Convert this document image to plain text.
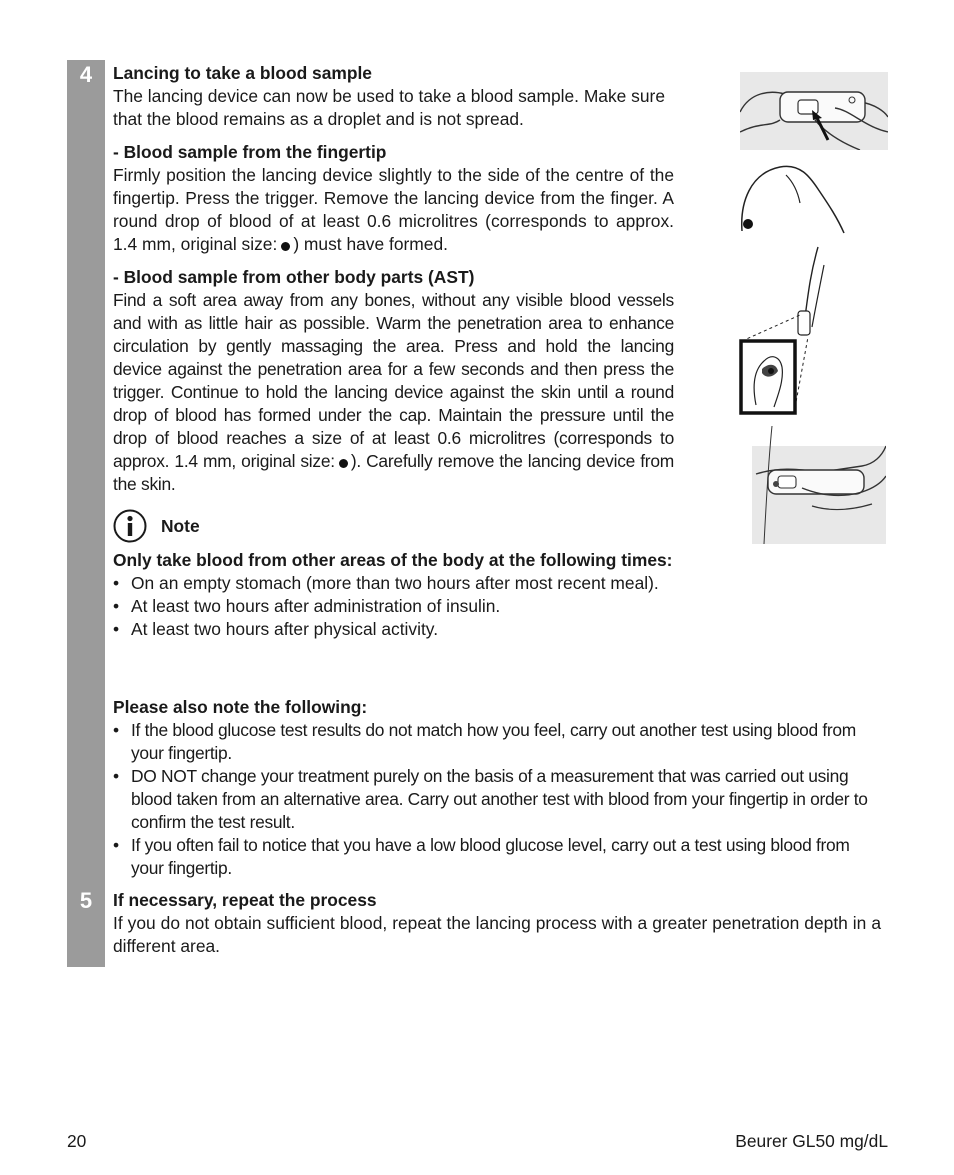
4
5

Lancing to take a blood sample

The lancing device can now be used to take a blood sample. Make sure that the blood remains as a droplet and is not spread.

- Blood sample from the fingertip

Firmly position the lancing device slightly to the side of the centre of the fingertip. Press the trigger. Remove the lancing device from the finger. A round drop of blood of at least 0.6 microlitres (corresponds to approx. 1.4 mm, original size: ) must have formed.

- Blood sample from other body parts (AST)

Find a soft area away from any bones, without any visible blood vessels and with as little hair as possible. Warm the penetration area to enhance circulation by gently massaging the area. Press and hold the lancing device against the penetration area for a few seconds and then press the trigger. Continue to hold the lancing device against the skin until a round drop of blood has formed under the cap. Maintain the pressure until the drop of blood reaches a size of at least 0.6 microlitres (corresponds to approx. 1.4 mm, original size: ). Carefully remove the lancing device from the skin.

Note

Only take blood from other areas of the body at the following times:

• On an empty stomach (more than two hours after most recent meal).

• At least two hours after administration of insulin.

• At least two hours after physical activity.

Please also note the following:

• If the blood glucose test results do not match how you feel, carry out another test using blood from your fingertip.

• DO NOT change your treatment purely on the basis of a measurement that was carried out using blood taken from an alternative area. Carry out another test with blood from your fingertip in order to confirm the test result.

• If you often fail to notice that you have a low blood glucose level, carry out a test using blood from your fingertip.

If necessary, repeat the process

If you do not obtain sufficient blood, repeat the lancing process with a greater penetration depth in a different area.

20	Beurer GL50 mg/dL
